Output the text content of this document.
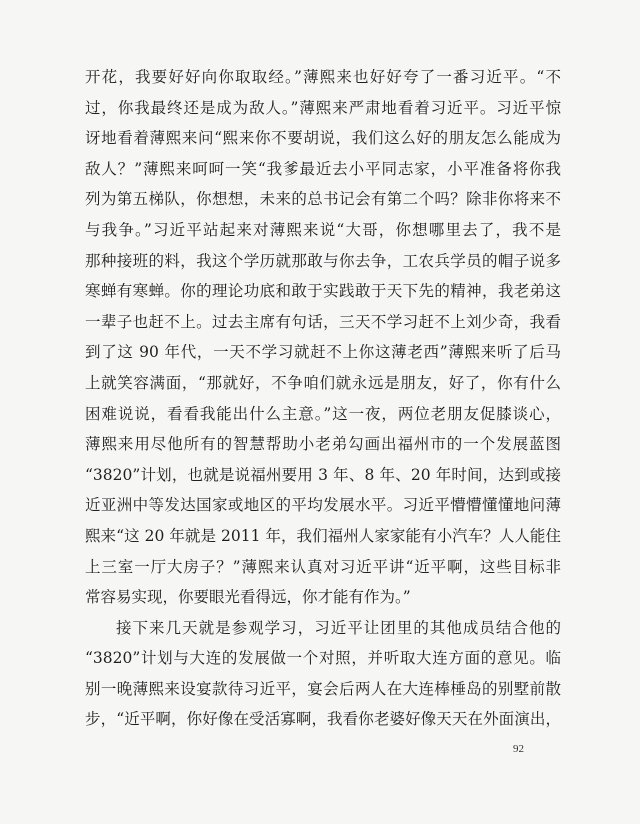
开花，我要好好向你取取经。”薄熙来也好好夸了一番习近平。“不
过，你我最终还是成为敌人。”薄熙来严肃地看着习近平。习近平惊
讶地看着薄熙来问“熙来你不要胡说，我们这么好的朋友怎么能成为
敌人？”薄熙来呵呵一笑“我爹最近去小平同志家，小平准备将你我
列为第五梯队，你想想，未来的总书记会有第二个吗？除非你将来不
与我争。”习近平站起来对薄熙来说“大哥，你想哪里去了，我不是
那种接班的料，我这个学历就那敢与你去争，工农兵学员的帽子说多
寒蝉有寒蝉。你的理论功底和敢于实践敢于天下先的精神，我老弟这
一辈子也赶不上。过去主席有句话，三天不学习赶不上刘少奇，我看
到了这 90 年代，一天不学习就赶不上你这薄老西”薄熙来听了后马
上就笑容满面，“那就好，不争咱们就永远是朋友，好了，你有什么
困难说说，看看我能出什么主意。”这一夜，两位老朋友促膝谈心，
薄熙来用尽他所有的智慧帮助小老弟勾画出福州市的一个发展蓝图
“3820”计划，也就是说福州要用 3 年、8 年、20 年时间，达到或接
近亚洲中等发达国家或地区的平均发展水平。习近平懵懵懂懂地问薄
熙来“这 20 年就是 2011 年，我们福州人家家能有小汽车？人人能住
上三室一厅大房子？”薄熙来认真对习近平讲“近平啊，这些目标非
常容易实现，你要眼光看得远，你才能有作为。”
接下来几天就是参观学习，习近平让团里的其他成员结合他的
“3820”计划与大连的发展做一个对照，并听取大连方面的意见。临
别一晚薄熙来设宴款待习近平，宴会后两人在大连棒棰岛的别墅前散
步，“近平啊，你好像在受活寡啊，我看你老婆好像天天在外面演出，
92
